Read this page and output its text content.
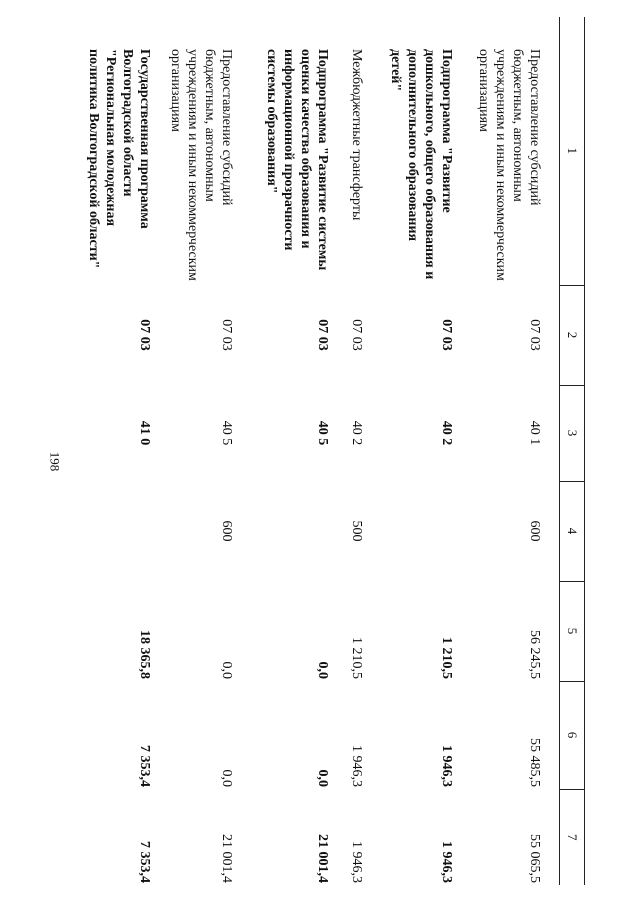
198
1	2	3	4	5	6	7
Предоставление субсидий бюджетным, автономным учреждениям и иным некоммерческим организациям	07 03	40 1	600	56 245,5	55 485,5	55 065,5
Подпрограмма "Развитие дошкольного, общего образования и дополнительного образования детей"	07 03	40 2		1 210,5	1 946,3	1 946,3
Межбюджетные трансферты	07 03	40 2	500	1 210,5	1 946,3	1 946,3
Подпрограмма "Развитие системы оценки качества образования и информационной прозрачности системы образования"	07 03	40 5		0,0	0,0	21 001,4
Предоставление субсидий бюджетным, автономным учреждениям и иным некоммерческим организациям	07 03	40 5	600	0,0	0,0	21 001,4
Государственная программа Волгоградской области "Региональная молодежная политика Волгоградской области"	07 03	41 0		18 365,8	7 353,4	7 353,4
